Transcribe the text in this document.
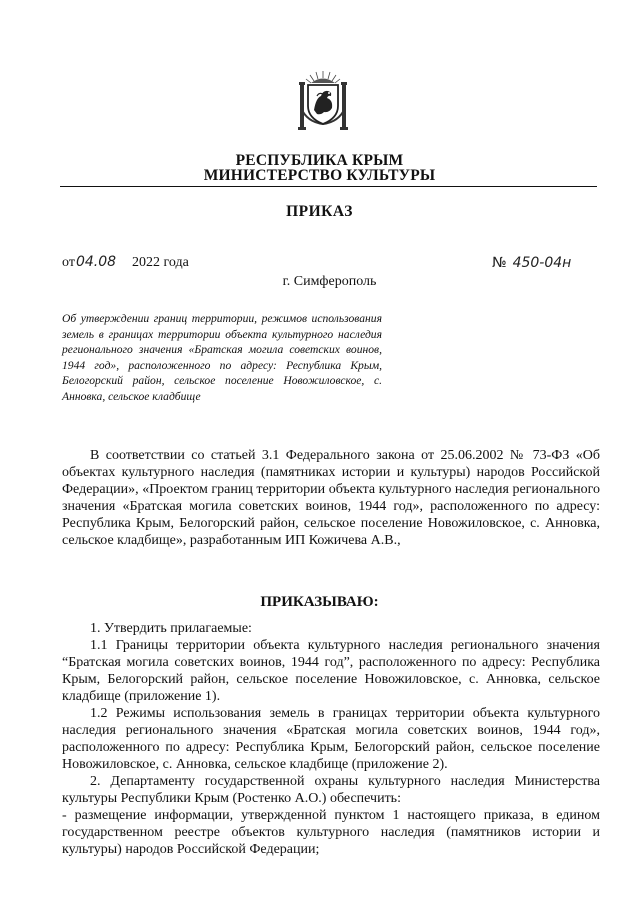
РЕСПУБЛИКА КРЫМ
МИНИСТЕРСТВО КУЛЬТУРЫ
ПРИКАЗ
от04.08 2022 года	№ 450-04н
г. Симферополь
Об утверждении границ территории, режимов использования земель в границах территории объекта культурного наследия регионального значения «Братская могила советских воинов, 1944 год», расположенного по адресу: Республика Крым, Белогорский район, сельское поселение Новожиловское, с. Анновка, сельское кладбище

В соответствии со статьей 3.1 Федерального закона от 25.06.2002 № 73-ФЗ «Об объектах культурного наследия (памятниках истории и культуры) народов Российской Федерации», «Проектом границ территории объекта культурного наследия регионального значения «Братская могила советских воинов, 1944 год», расположенного по адресу: Республика Крым, Белогорский район, сельское поселение Новожиловское, с. Анновка, сельское кладбище», разработанным ИП Кожичева А.В.,

ПРИКАЗЫВАЮ:

1. Утвердить прилагаемые:

1.1 Границы территории объекта культурного наследия регионального значения “Братская могила советских воинов, 1944 год”, расположенного по адресу: Республика Крым, Белогорский район, сельское поселение Новожиловское, с. Анновка, сельское кладбище (приложение 1).

1.2 Режимы использования земель в границах территории объекта культурного наследия регионального значения «Братская могила советских воинов, 1944 год», расположенного по адресу: Республика Крым, Белогорский район, сельское поселение Новожиловское, с. Анновка, сельское кладбище (приложение 2).

2. Департаменту государственной охраны культурного наследия Министерства культуры Республики Крым (Ростенко А.О.) обеспечить:

- размещение информации, утвержденной пунктом 1 настоящего приказа, в едином государственном реестре объектов культурного наследия (памятников истории и культуры) народов Российской Федерации;
